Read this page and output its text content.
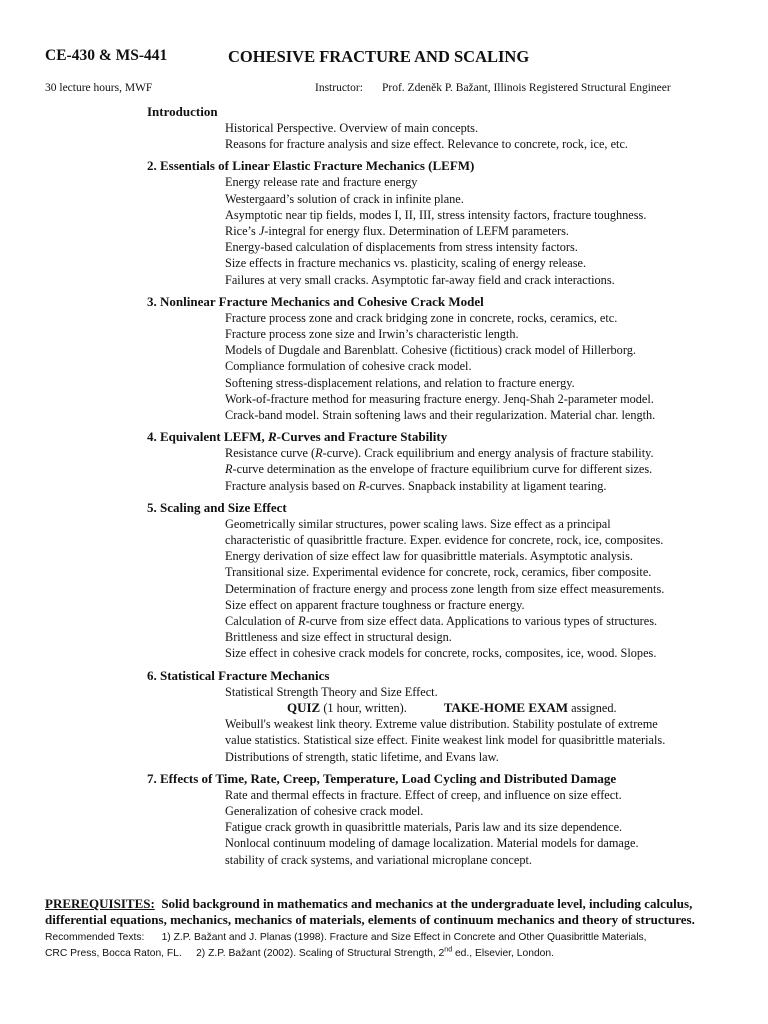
CE-430 & MS-441	COHESIVE FRACTURE AND SCALING
30 lecture hours, MWF	Instructor: Prof. Zdeněk P. Bažant, Illinois Registered Structural Engineer
Introduction
Historical Perspective. Overview of main concepts.
Reasons for fracture analysis and size effect. Relevance to concrete, rock, ice, etc.
2. Essentials of Linear Elastic Fracture Mechanics (LEFM)
Energy release rate and fracture energy
Westergaard’s solution of crack in infinite plane.
Asymptotic near tip fields, modes I, II, III, stress intensity factors, fracture toughness.
Rice’s J-integral for energy flux. Determination of LEFM parameters.
Energy-based calculation of displacements from stress intensity factors.
Size effects in fracture mechanics vs. plasticity, scaling of energy release.
Failures at very small cracks. Asymptotic far-away field and crack interactions.
3. Nonlinear Fracture Mechanics and Cohesive Crack Model
Fracture process zone and crack bridging zone in concrete, rocks, ceramics, etc.
Fracture process zone size and Irwin’s characteristic length.
Models of Dugdale and Barenblatt. Cohesive (fictitious) crack model of Hillerborg.
Compliance formulation of cohesive crack model.
Softening stress-displacement relations, and relation to fracture energy.
Work-of-fracture method for measuring fracture energy. Jenq-Shah 2-parameter model.
Crack-band model. Strain softening laws and their regularization. Material char. length.
4. Equivalent LEFM, R-Curves and Fracture Stability
Resistance curve (R-curve). Crack equilibrium and energy analysis of fracture stability.
R-curve determination as the envelope of fracture equilibrium curve for different sizes.
Fracture analysis based on R-curves. Snapback instability at ligament tearing.
5. Scaling and Size Effect
Geometrically similar structures, power scaling laws. Size effect as a principal
characteristic of quasibrittle fracture. Exper. evidence for concrete, rock, ice, composites.
Energy derivation of size effect law for quasibrittle materials. Asymptotic analysis.
Transitional size. Experimental evidence for concrete, rock, ceramics, fiber composite.
Determination of fracture energy and process zone length from size effect measurements.
Size effect on apparent fracture toughness or fracture energy.
Calculation of R-curve from size effect data. Applications to various types of structures.
Brittleness and size effect in structural design.
Size effect in cohesive crack models for concrete, rocks, composites, ice, wood. Slopes.
6. Statistical Fracture Mechanics
Statistical Strength Theory and Size Effect.
QUIZ (1 hour, written).	TAKE-HOME EXAM assigned.
Weibull's weakest link theory. Extreme value distribution. Stability postulate of extreme
value statistics. Statistical size effect. Finite weakest link model for quasibrittle materials.
Distributions of strength, static lifetime, and Evans law.
7. Effects of Time, Rate, Creep, Temperature, Load Cycling and Distributed Damage
Rate and thermal effects in fracture. Effect of creep, and influence on size effect.
Generalization of cohesive crack model.
Fatigue crack growth in quasibrittle materials, Paris law and its size dependence.
Nonlocal continuum modeling of damage localization. Material models for damage.
stability of crack systems, and variational microplane concept.
PREREQUISITES: Solid background in mathematics and mechanics at the undergraduate level, including calculus, differential equations, mechanics, mechanics of materials, elements of continuum mechanics and theory of structures.
Recommended Texts: 1) Z.P. Bažant and J. Planas (1998). Fracture and Size Effect in Concrete and Other Quasibrittle Materials,
CRC Press, Bocca Raton, FL. 2) Z.P. Bažant (2002). Scaling of Structural Strength, 2nd ed., Elsevier, London.
